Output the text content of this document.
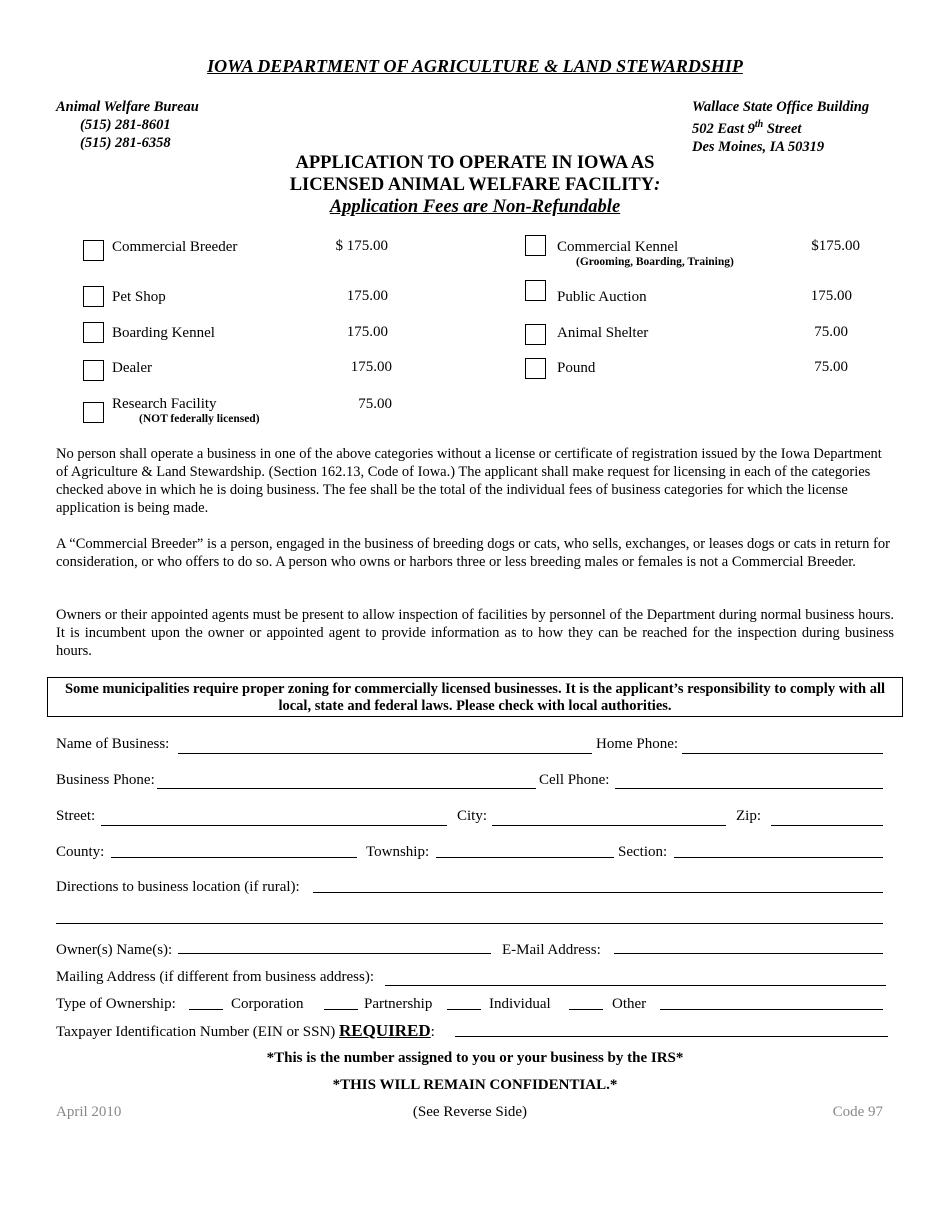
IOWA DEPARTMENT OF AGRICULTURE & LAND STEWARDSHIP
Animal Welfare Bureau
(515) 281-8601
(515) 281-6358
Wallace State Office Building
502 East 9th Street
Des Moines, IA 50319
APPLICATION TO OPERATE IN IOWA AS
LICENSED ANIMAL WELFARE FACILITY:
Application Fees are Non-Refundable
Commercial Breeder	$ 175.00
Pet Shop	175.00
Boarding Kennel	175.00
Dealer	175.00
Research Facility
(NOT federally licensed)
75.00
Commercial Kennel
(Grooming, Boarding, Training)
$175.00
Public Auction	175.00
Animal Shelter	75.00
Pound	75.00
No person shall operate a business in one of the above categories without a license or certificate of registration issued by the Iowa Department of Agriculture & Land Stewardship. (Section 162.13, Code of Iowa.) The applicant shall make request for licensing in each of the categories checked above in which he is doing business. The fee shall be the total of the individual fees of business categories for which the license application is being made.
A “Commercial Breeder” is a person, engaged in the business of breeding dogs or cats, who sells, exchanges, or leases dogs or cats in return for consideration, or who offers to do so. A person who owns or harbors three or less breeding males or females is not a Commercial Breeder.
Owners or their appointed agents must be present to allow inspection of facilities by personnel of the Department during normal business hours. It is incumbent upon the owner or appointed agent to provide information as to how they can be reached for the inspection during business hours.
Some municipalities require proper zoning for commercially licensed businesses. It is the applicant’s responsibility to comply with all local, state and federal laws. Please check with local authorities.
Name of Business:	Home Phone:
Business Phone:	Cell Phone:
Street:	City:	Zip:
County:	Township:	Section:
Directions to business location (if rural):
Owner(s) Name(s):	E-Mail Address:
Mailing Address (if different from business address):
Type of Ownership:	Corporation	Partnership	Individual	Other
Taxpayer Identification Number (EIN or SSN) REQUIRED:
*This is the number assigned to you or your business by the IRS*
*THIS WILL REMAIN CONFIDENTIAL.*
April 2010	(See Reverse Side)	Code 97
